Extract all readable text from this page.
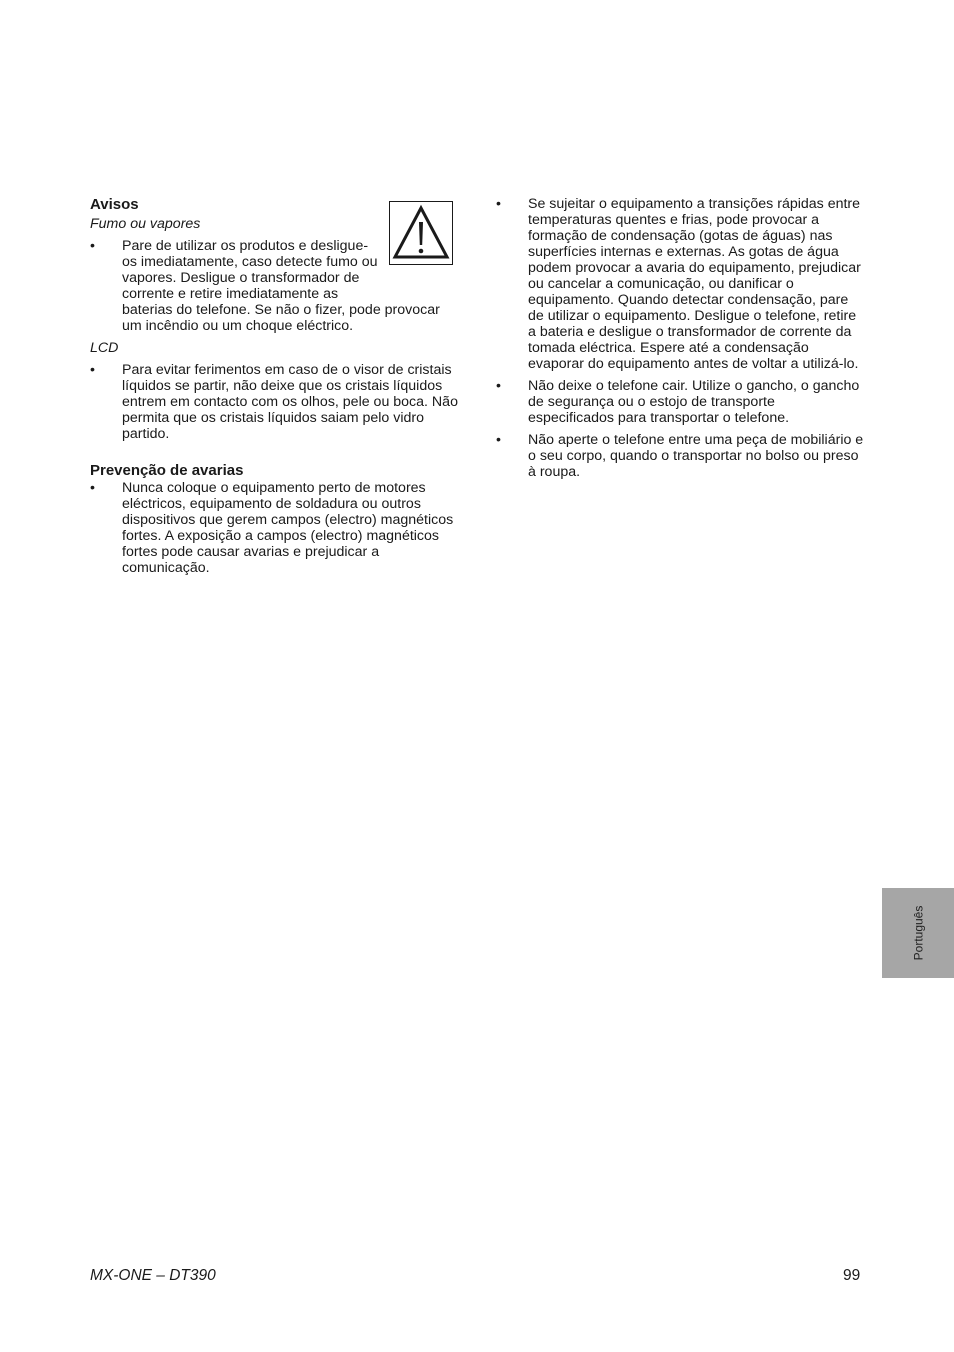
Avisos
Fumo ou vapores
•	Pare de utilizar os produtos e desligue-os imediatamente, caso detecte fumo ou vapores. Desligue o transformador de corrente e retire imediatamente as baterias do telefone. Se não o fizer, pode provocar um incêndio ou um choque eléctrico.
LCD
•	Para evitar ferimentos em caso de o visor de cristais líquidos se partir, não deixe que os cristais líquidos entrem em contacto com os olhos, pele ou boca. Não permita que os cristais líquidos saiam pelo vidro partido.
Prevenção de avarias
•	Nunca coloque o equipamento perto de motores eléctricos, equipamento de soldadura ou outros dispositivos que gerem campos (electro) magnéticos fortes. A exposição a campos (electro) magnéticos fortes pode causar avarias e prejudicar a comunicação.
•	Se sujeitar o equipamento a transições rápidas entre temperaturas quentes e frias, pode provocar a formação de condensação (gotas de águas) nas superfícies internas e externas. As gotas de água podem provocar a avaria do equipamento, prejudicar ou cancelar a comunicação, ou danificar o equipamento. Quando detectar condensação, pare de utilizar o equipamento. Desligue o telefone, retire a bateria e desligue o transformador de corrente da tomada eléctrica. Espere até a condensação evaporar do equipamento antes de voltar a utilizá-lo.
•	Não deixe o telefone cair. Utilize o gancho, o gancho de segurança ou o estojo de transporte especificados para transportar o telefone.
•	Não aperte o telefone entre uma peça de mobiliário e o seu corpo, quando o transportar no bolso ou preso à roupa.
Português
MX-ONE – DT390	99
